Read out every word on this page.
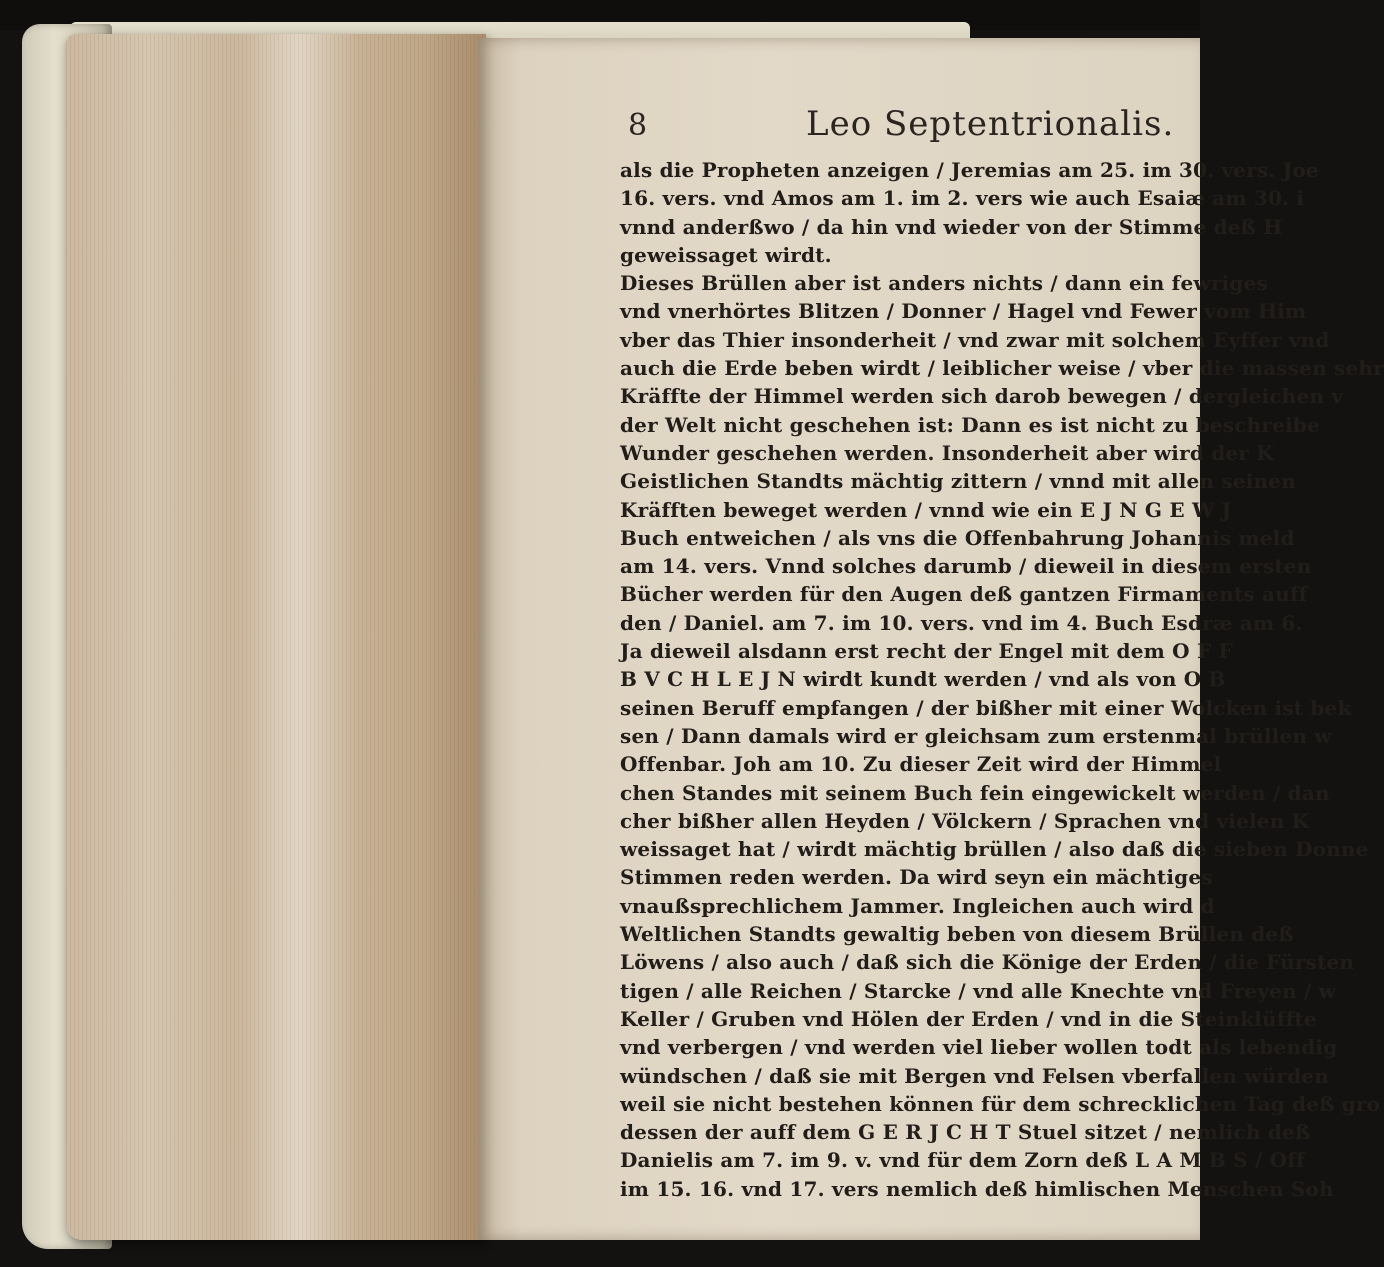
8	Leo Septentrionalis.
als die Propheten anzeigen / Jeremias am 25. im 30. vers. Joe
16. vers. vnd Amos am 1. im 2. vers wie auch Esaiæ am 30. i
vnnd anderßwo / da hin vnd wieder von der Stimme deß H
geweissaget wirdt.
Dieses Brüllen aber ist anders nichts / dann ein fewriges
vnd vnerhörtes Blitzen / Donner / Hagel vnd Fewer vom Him
vber das Thier insonderheit / vnd zwar mit solchem Eyffer vnd
auch die Erde beben wirdt / leiblicher weise / vber die massen sehr
Kräffte der Himmel werden sich darob bewegen / dergleichen v
der Welt nicht geschehen ist: Dann es ist nicht zu beschreibe
Wunder geschehen werden. Insonderheit aber wird der K
Geistlichen Standts mächtig zittern / vnnd mit allen seinen
Kräfften beweget werden / vnnd wie ein E J N G E W J
Buch entweichen / als vns die Offenbahrung Johannis meld
am 14. vers. Vnnd solches darumb / dieweil in diesem ersten
Bücher werden für den Augen deß gantzen Firmaments auff
den / Daniel. am 7. im 10. vers. vnd im 4. Buch Esdræ am 6.
Ja dieweil alsdann erst recht der Engel mit dem O F F
B V C H L E J N wirdt kundt werden / vnd als von O B
seinen Beruff empfangen / der bißher mit einer Wolcken ist bek
sen / Dann damals wird er gleichsam zum erstenmal brüllen w
Offenbar. Joh am 10. Zu dieser Zeit wird der Himmel
chen Standes mit seinem Buch fein eingewickelt werden / dan
cher bißher allen Heyden / Völckern / Sprachen vnd vielen K
weissaget hat / wirdt mächtig brüllen / also daß die sieben Donne
Stimmen reden werden. Da wird seyn ein mächtiges
vnaußsprechlichem Jammer. Ingleichen auch wird d
Weltlichen Standts gewaltig beben von diesem Brüllen deß
Löwens / also auch / daß sich die Könige der Erden / die Fürsten
tigen / alle Reichen / Starcke / vnd alle Knechte vnd Freyen / w
Keller / Gruben vnd Hölen der Erden / vnd in die Steinklüffte
vnd verbergen / vnd werden viel lieber wollen todt als lebendig
wündschen / daß sie mit Bergen vnd Felsen vberfallen würden
weil sie nicht bestehen können für dem schrecklichen Tag deß gro
dessen der auff dem G E R J C H T Stuel sitzet / nemlich deß
Danielis am 7. im 9. v. vnd für dem Zorn deß L A M B S / Off
im 15. 16. vnd 17. vers nemlich deß himlischen Menschen Soh
